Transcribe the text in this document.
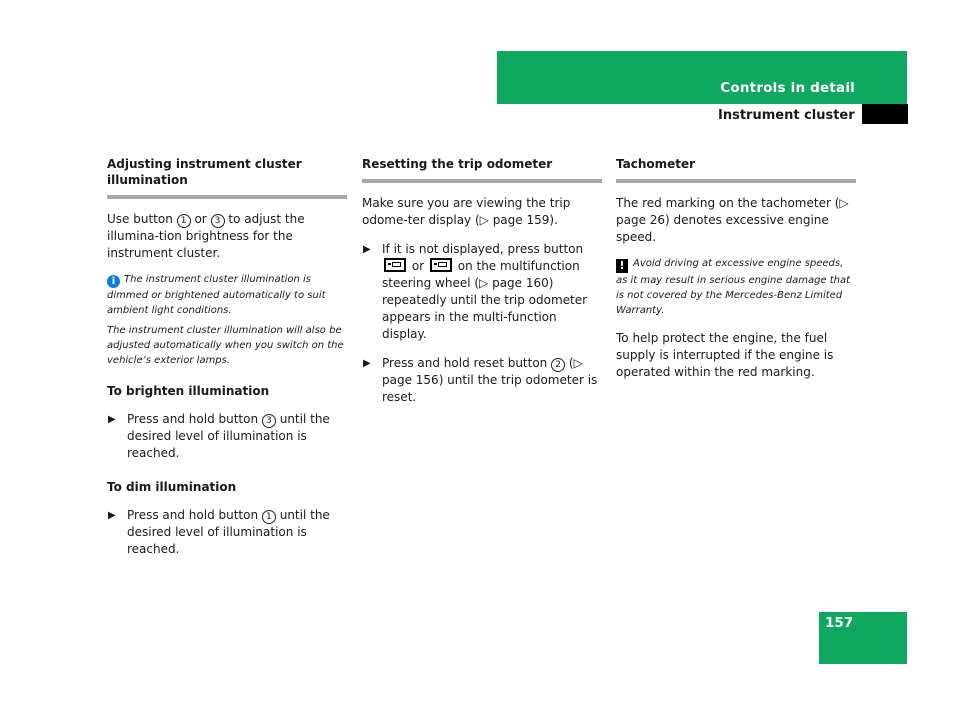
Controls in detail
Instrument cluster
Adjusting instrument cluster illumination
Use button 1 or 3 to adjust the illumina-tion brightness for the instrument cluster.

i The instrument cluster illumination is dimmed or brightened automatically to suit ambient light conditions.

The instrument cluster illumination will also be adjusted automatically when you switch on the vehicle’s exterior lamps.

To brighten illumination
▶ Press and hold button 3 until the desired level of illumination is reached.
To dim illumination
▶ Press and hold button 1 until the desired level of illumination is reached.
Resetting the trip odometer
Make sure you are viewing the trip odome-ter display (▷ page 159).
▶ If it is not displayed, press button  or  on the multifunction steering wheel (▷ page 160) repeatedly until the trip odometer appears in the multi-function display.
▶ Press and hold reset button 2 (▷ page 156) until the trip odometer is reset.
Tachometer
The red marking on the tachometer (▷ page 26) denotes excessive engine speed.

! Avoid driving at excessive engine speeds, as it may result in serious engine damage that is not covered by the Mercedes-Benz Limited Warranty.

To help protect the engine, the fuel supply is interrupted if the engine is operated within the red marking.
157
